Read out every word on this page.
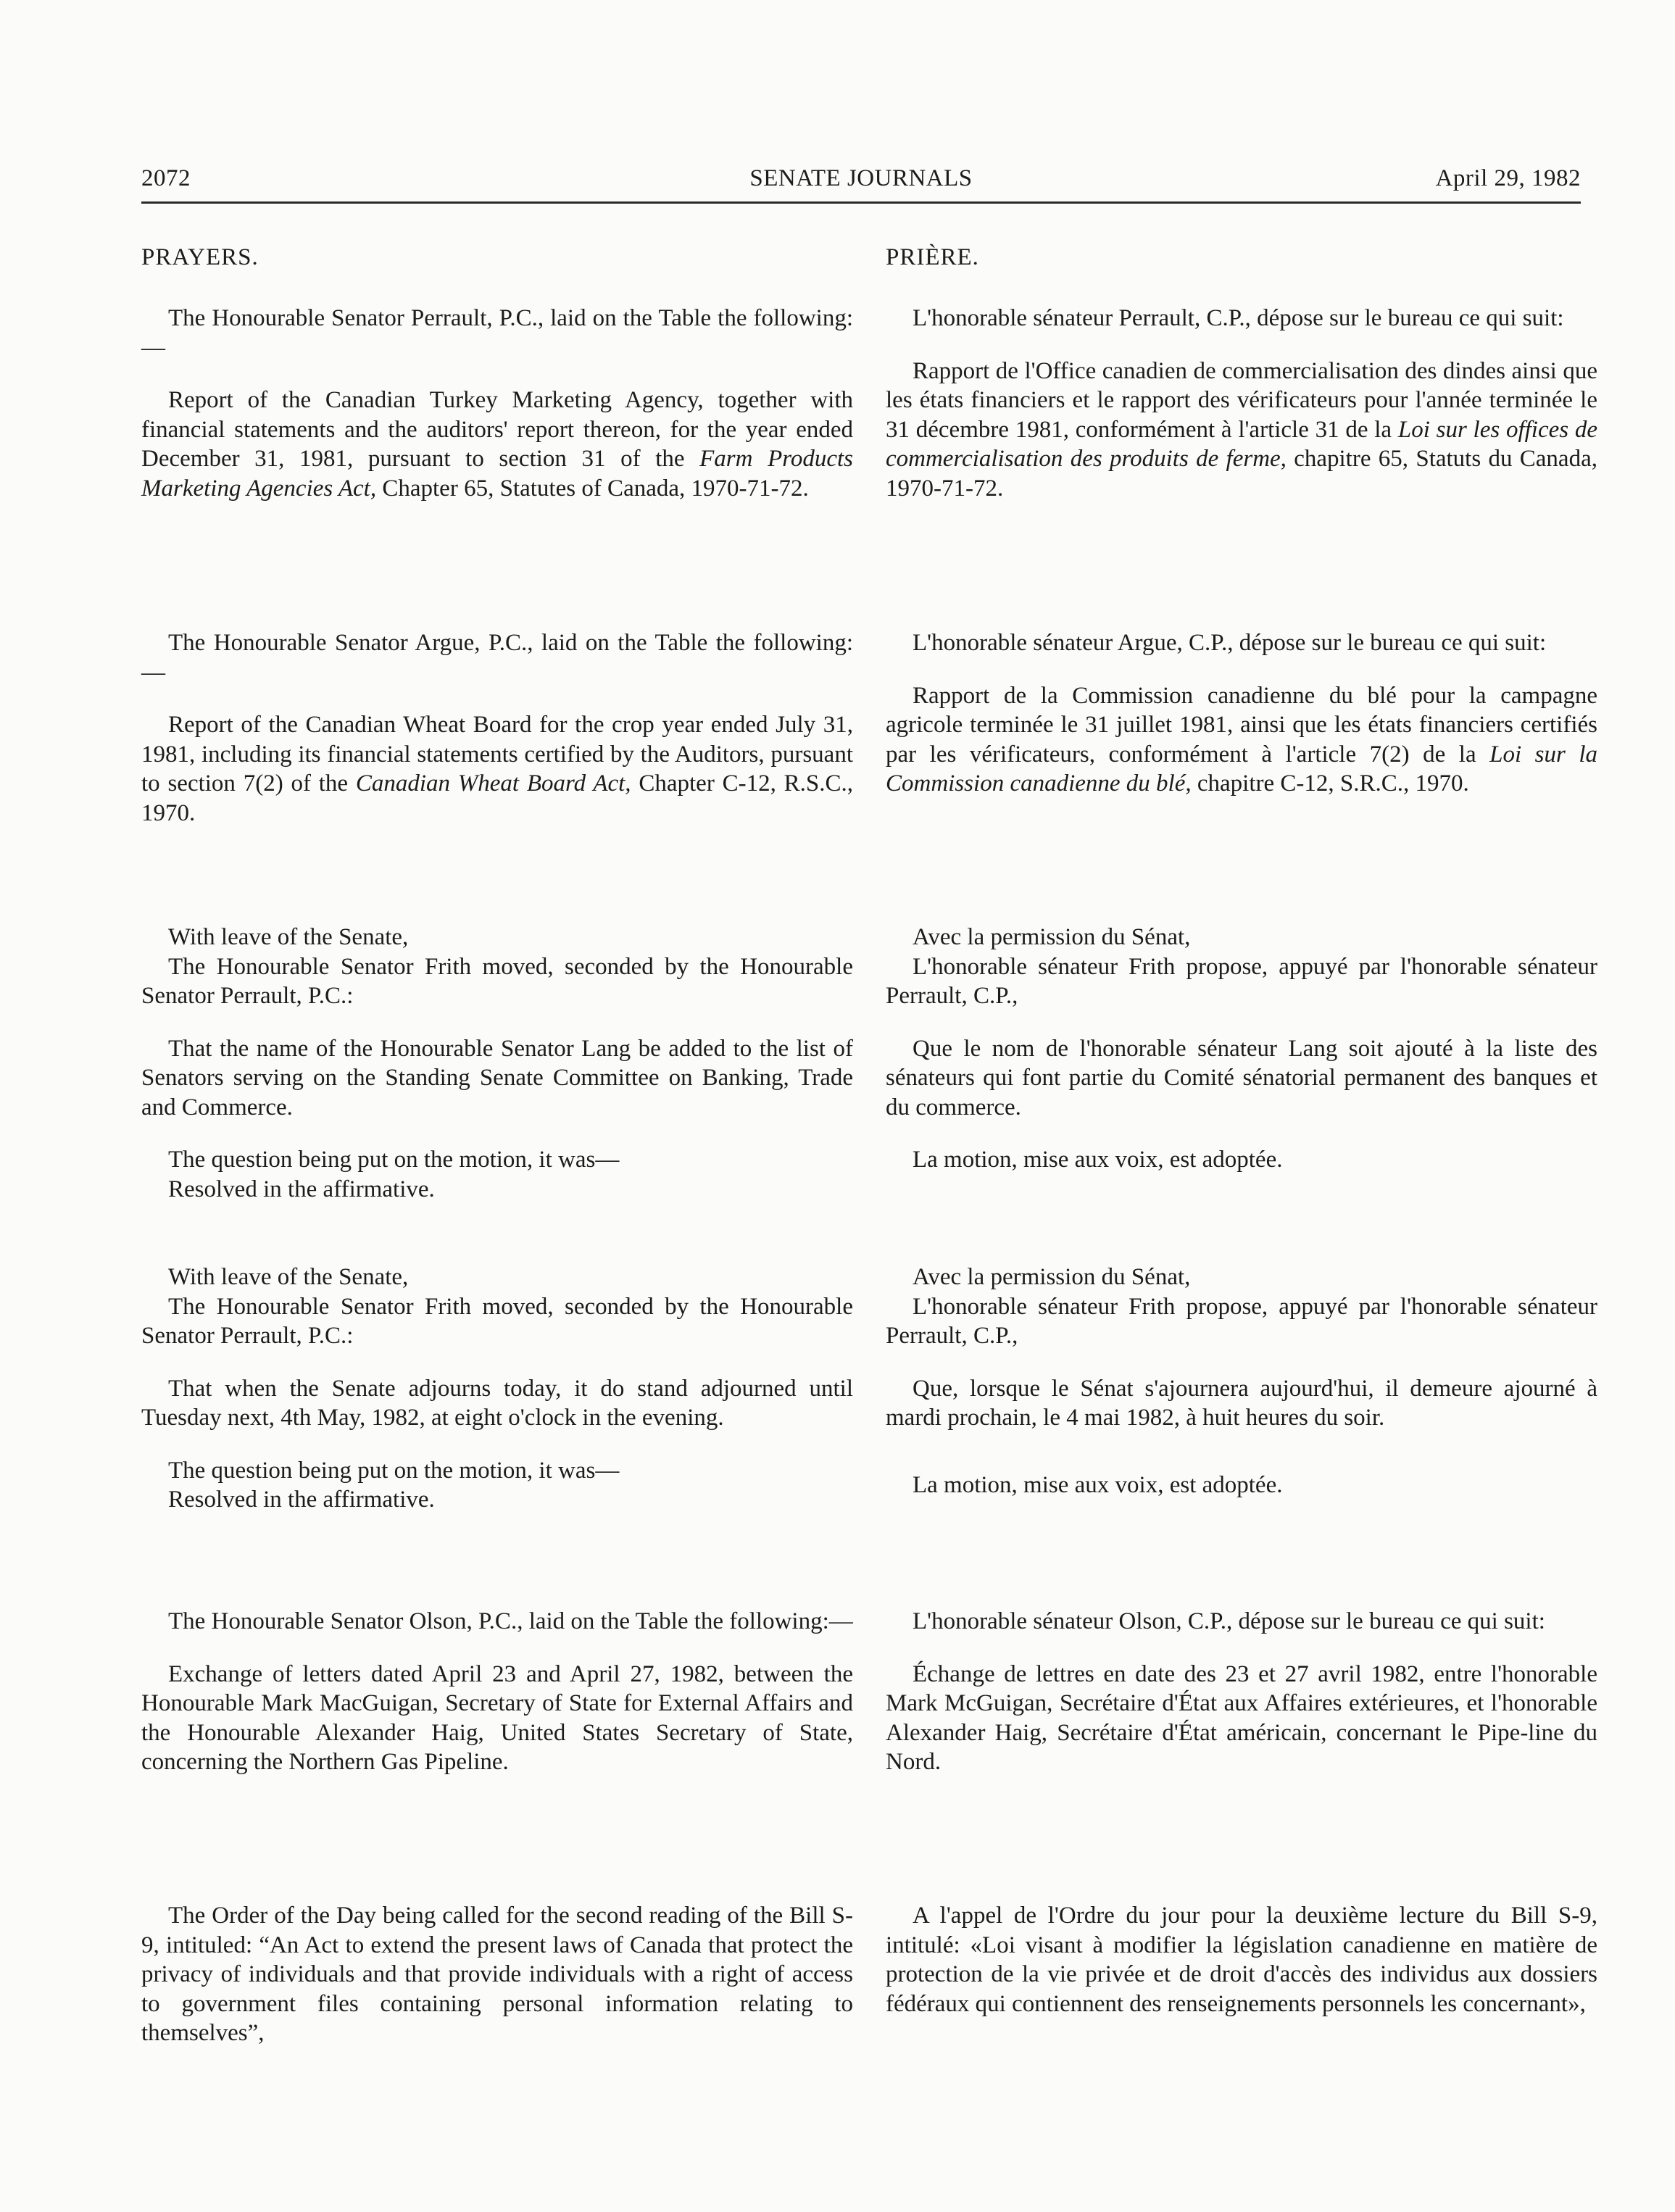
2072	SENATE JOURNALS	April 29, 1982

PRAYERS.

The Honourable Senator Perrault, P.C., laid on the Table the following:—

Report of the Canadian Turkey Marketing Agency, together with financial statements and the auditors' report thereon, for the year ended December 31, 1981, pursuant to section 31 of the Farm Products Marketing Agencies Act, Chapter 65, Statutes of Canada, 1970-71-72.

The Honourable Senator Argue, P.C., laid on the Table the following:—

Report of the Canadian Wheat Board for the crop year ended July 31, 1981, including its financial statements certified by the Auditors, pursuant to section 7(2) of the Canadian Wheat Board Act, Chapter C-12, R.S.C., 1970.

With leave of the Senate,

The Honourable Senator Frith moved, seconded by the Honourable Senator Perrault, P.C.:

That the name of the Honourable Senator Lang be added to the list of Senators serving on the Standing Senate Committee on Banking, Trade and Commerce.

The question being put on the motion, it was—

Resolved in the affirmative.

With leave of the Senate,

The Honourable Senator Frith moved, seconded by the Honourable Senator Perrault, P.C.:

That when the Senate adjourns today, it do stand adjourned until Tuesday next, 4th May, 1982, at eight o'clock in the evening.

The question being put on the motion, it was—

Resolved in the affirmative.

The Honourable Senator Olson, P.C., laid on the Table the following:—

Exchange of letters dated April 23 and April 27, 1982, between the Honourable Mark MacGuigan, Secretary of State for External Affairs and the Honourable Alexander Haig, United States Secretary of State, concerning the Northern Gas Pipeline.

The Order of the Day being called for the second reading of the Bill S-9, intituled: “An Act to extend the present laws of Canada that protect the privacy of individuals and that provide individuals with a right of access to government files containing personal information relating to themselves”,

PRIÈRE.

L'honorable sénateur Perrault, C.P., dépose sur le bureau ce qui suit:

Rapport de l'Office canadien de commercialisation des dindes ainsi que les états financiers et le rapport des vérificateurs pour l'année terminée le 31 décembre 1981, conformément à l'article 31 de la Loi sur les offices de commercialisation des produits de ferme, chapitre 65, Statuts du Canada, 1970-71-72.

L'honorable sénateur Argue, C.P., dépose sur le bureau ce qui suit:

Rapport de la Commission canadienne du blé pour la campagne agricole terminée le 31 juillet 1981, ainsi que les états financiers certifiés par les vérificateurs, conformément à l'article 7(2) de la Loi sur la Commission canadienne du blé, chapitre C-12, S.R.C., 1970.

Avec la permission du Sénat,

L'honorable sénateur Frith propose, appuyé par l'honorable sénateur Perrault, C.P.,

Que le nom de l'honorable sénateur Lang soit ajouté à la liste des sénateurs qui font partie du Comité sénatorial permanent des banques et du commerce.

La motion, mise aux voix, est adoptée.

Avec la permission du Sénat,

L'honorable sénateur Frith propose, appuyé par l'honorable sénateur Perrault, C.P.,

Que, lorsque le Sénat s'ajournera aujourd'hui, il demeure ajourné à mardi prochain, le 4 mai 1982, à huit heures du soir.

La motion, mise aux voix, est adoptée.

L'honorable sénateur Olson, C.P., dépose sur le bureau ce qui suit:

Échange de lettres en date des 23 et 27 avril 1982, entre l'honorable Mark McGuigan, Secrétaire d'État aux Affaires extérieures, et l'honorable Alexander Haig, Secrétaire d'État américain, concernant le Pipe-line du Nord.

A l'appel de l'Ordre du jour pour la deuxième lecture du Bill S-9, intitulé: «Loi visant à modifier la législation canadienne en matière de protection de la vie privée et de droit d'accès des individus aux dossiers fédéraux qui contiennent des renseignements personnels les concernant»,
